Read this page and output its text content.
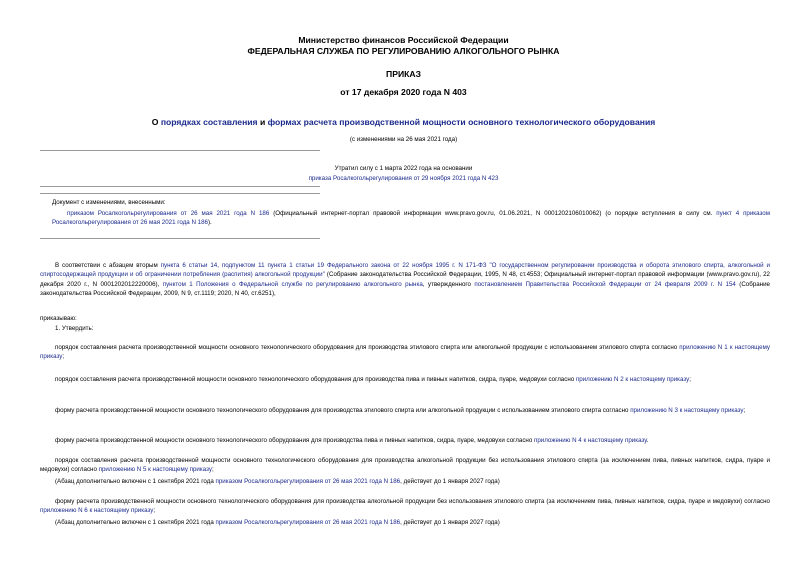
Министерство финансов Российской Федерации
ФЕДЕРАЛЬНАЯ СЛУЖБА ПО РЕГУЛИРОВАНИЮ АЛКОГОЛЬНОГО РЫНКА
ПРИКАЗ
от 17 декабря 2020 года N 403
О порядках составления и формах расчета производственной мощности основного технологического оборудования
(с изменениями на 26 мая 2021 года)
Утратил силу с 1 марта 2022 года на основании
приказа Росалкогольрегулирования от 29 ноября 2021 года N 423
Документ с изменениями, внесенными:
приказом Росалкогольрегулирования от 26 мая 2021 года N 186 (Официальный интернет-портал правовой информации www.pravo.gov.ru, 01.06.2021, N 0001202106010062) (о порядке вступления в силу см. пункт 4 приказом Росалкогольрегулирования от 26 мая 2021 года N 186).
В соответствии с абзацем вторым пункта 6 статьи 14, подпунктом 11 пункта 1 статьи 19 Федерального закона от 22 ноября 1995 г. N 171-ФЗ "О государственном регулировании производства и оборота этилового спирта, алкогольной и спиртосодержащей продукции и об ограничении потребления (распития) алкогольной продукции" (Собрание законодательства Российской Федерации, 1995, N 48, ст.4553; Официальный интернет-портал правовой информации (www.pravo.gov.ru), 22 декабря 2020 г., N 0001202012220006), пунктом 1 Положения о Федеральной службе по регулированию алкогольного рынка, утвержденного постановлением Правительства Российской Федерации от 24 февраля 2009 г. N 154 (Собрание законодательства Российской Федерации, 2009, N 9, ст.1119; 2020, N 40, ст.6251),
приказываю:
1. Утвердить:
порядок составления расчета производственной мощности основного технологического оборудования для производства этилового спирта или алкогольной продукции с использованием этилового спирта согласно приложению N 1 к настоящему приказу;
порядок составления расчета производственной мощности основного технологического оборудования для производства пива и пивных напитков, сидра, пуаре, медовухи согласно приложению N 2 к настоящему приказу;
форму расчета производственной мощности основного технологического оборудования для производства этилового спирта или алкогольной продукции с использованием этилового спирта согласно приложению N 3 к настоящему приказу;
форму расчета производственной мощности основного технологического оборудования для производства пива и пивных напитков, сидра, пуаре, медовухи согласно приложению N 4 к настоящему приказу.
порядок составления расчета производственной мощности основного технологического оборудования для производства алкогольной продукции без использования этилового спирта (за исключением пива, пивных напитков, сидра, пуаре и медовухи) согласно приложению N 5 к настоящему приказу;
(Абзац дополнительно включен с 1 сентября 2021 года приказом Росалкогольрегулирования от 26 мая 2021 года N 186, действует до 1 января 2027 года)
форму расчета производственной мощности основного технологического оборудования для производства алкогольной продукции без использования этилового спирта (за исключением пива, пивных напитков, сидра, пуаре и медовухи) согласно приложению N 6 к настоящему приказу;
(Абзац дополнительно включен с 1 сентября 2021 года приказом Росалкогольрегулирования от 26 мая 2021 года N 186, действует до 1 января 2027 года)
